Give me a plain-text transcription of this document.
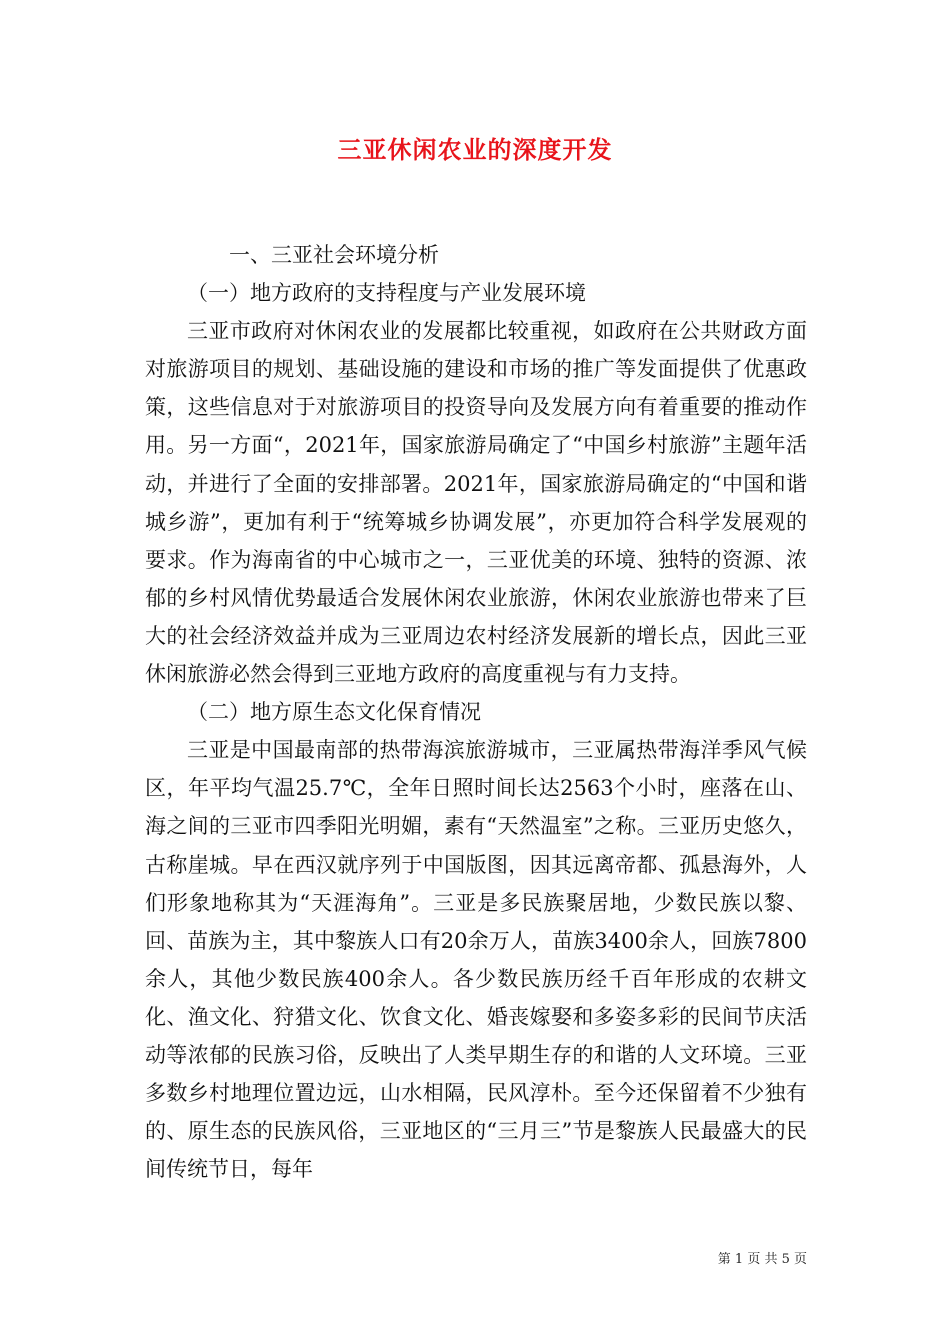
三亚休闲农业的深度开发

一、三亚社会环境分析

（一）地方政府的支持程度与产业发展环境

三亚市政府对休闲农业的发展都比较重视，如政府在公共财政方面对旅游项目的规划、基础设施的建设和市场的推广等发面提供了优惠政策，这些信息对于对旅游项目的投资导向及发展方向有着重要的推动作用。另一方面“，2021年，国家旅游局确定了“中国乡村旅游”主题年活动，并进行了全面的安排部署。2021年，国家旅游局确定的“中国和谐城乡游”，更加有利于“统筹城乡协调发展”，亦更加符合科学发展观的要求。作为海南省的中心城市之一，三亚优美的环境、独特的资源、浓郁的乡村风情优势最适合发展休闲农业旅游，休闲农业旅游也带来了巨大的社会经济效益并成为三亚周边农村经济发展新的增长点，因此三亚休闲旅游必然会得到三亚地方政府的高度重视与有力支持。

（二）地方原生态文化保育情况

三亚是中国最南部的热带海滨旅游城市，三亚属热带海洋季风气候区，年平均气温25.7℃，全年日照时间长达2563个小时，座落在山、海之间的三亚市四季阳光明媚，素有“天然温室”之称。三亚历史悠久，古称崖城。早在西汉就序列于中国版图，因其远离帝都、孤悬海外，人们形象地称其为“天涯海角”。三亚是多民族聚居地，少数民族以黎、回、苗族为主，其中黎族人口有20余万人，苗族3400余人，回族7800余人，其他少数民族400余人。各少数民族历经千百年形成的农耕文化、渔文化、狩猎文化、饮食文化、婚丧嫁娶和多姿多彩的民间节庆活动等浓郁的民族习俗，反映出了人类早期生存的和谐的人文环境。三亚多数乡村地理位置边远，山水相隔，民风淳朴。至今还保留着不少独有的、原生态的民族风俗，三亚地区的“三月三”节是黎族人民最盛大的民间传统节日，每年

第 1 页 共 5 页
